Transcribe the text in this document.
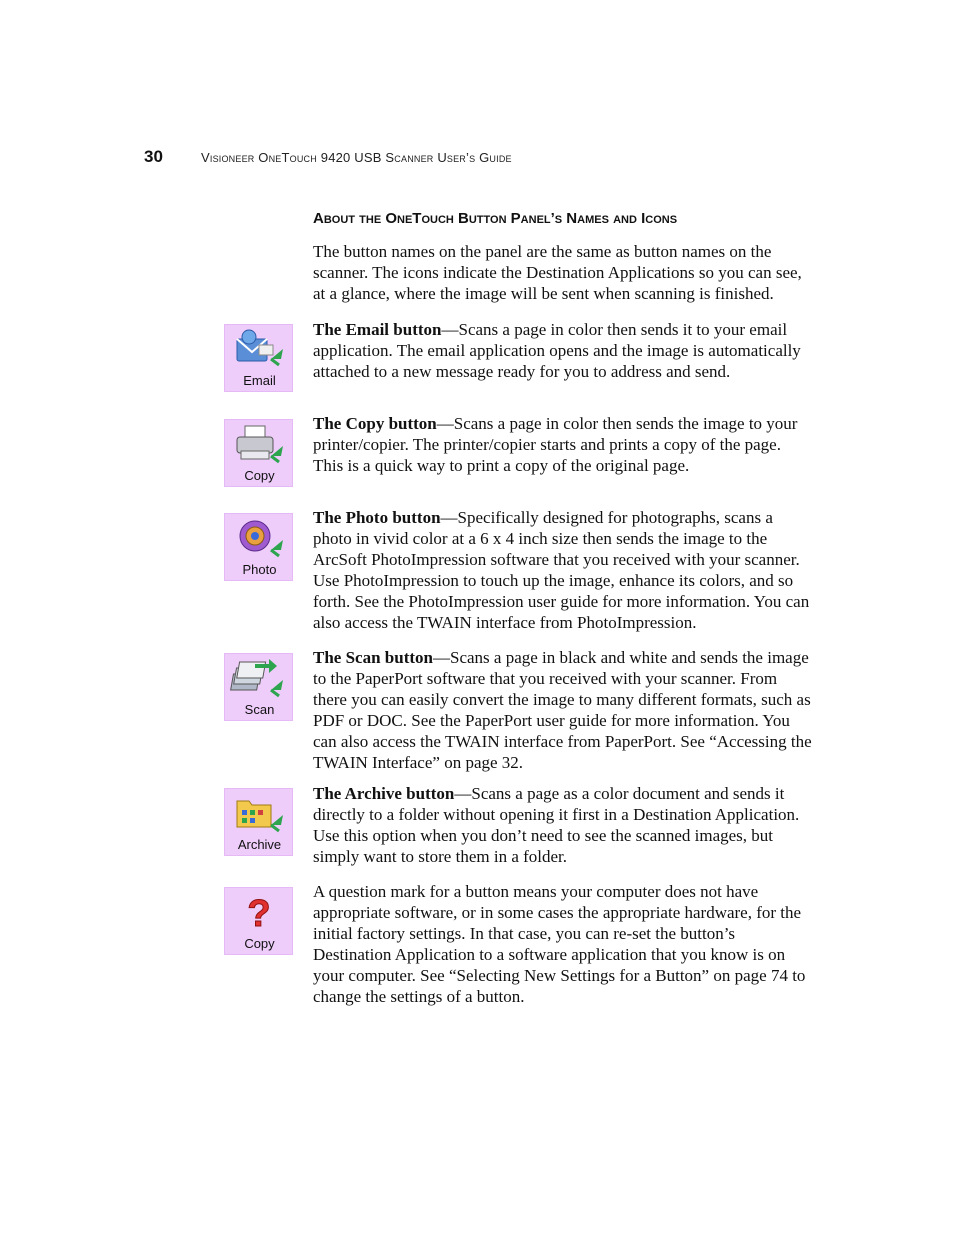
30	Visioneer OneTouch 9420 USB Scanner User’s Guide
About the OneTouch Button Panel’s Names and Icons

The button names on the panel are the same as button names on the scanner. The icons indicate the Destination Applications so you can see, at a glance, where the image will be sent when scanning is finished.

Email

The Email button—Scans a page in color then sends it to your email application. The email application opens and the image is automatically attached to a new message ready for you to address and send.

Copy

The Copy button—Scans a page in color then sends the image to your printer/copier. The printer/copier starts and prints a copy of the page. This is a quick way to print a copy of the original page.

Photo

The Photo button—Specifically designed for photographs, scans a photo in vivid color at a 6 x 4 inch size then sends the image to the ArcSoft PhotoImpression software that you received with your scanner. Use PhotoImpression to touch up the image, enhance its colors, and so forth. See the PhotoImpression user guide for more information. You can also access the TWAIN interface from PhotoImpression.

Scan

The Scan button—Scans a page in black and white and sends the image to the PaperPort software that you received with your scanner. From there you can easily convert the image to many different formats, such as PDF or DOC. See the PaperPort user guide for more information. You can also access the TWAIN interface from PaperPort. See “Accessing the TWAIN Interface” on page 32.

Archive

The Archive button—Scans a page as a color document and sends it directly to a folder without opening it first in a Destination Application. Use this option when you don’t need to see the scanned images, but simply want to store them in a folder.

?
Copy

A question mark for a button means your computer does not have appropriate software, or in some cases the appropriate hardware, for the initial factory settings. In that case, you can re-set the button’s Destination Application to a software application that you know is on your computer. See “Selecting New Settings for a Button” on page 74 to change the settings of a button.
